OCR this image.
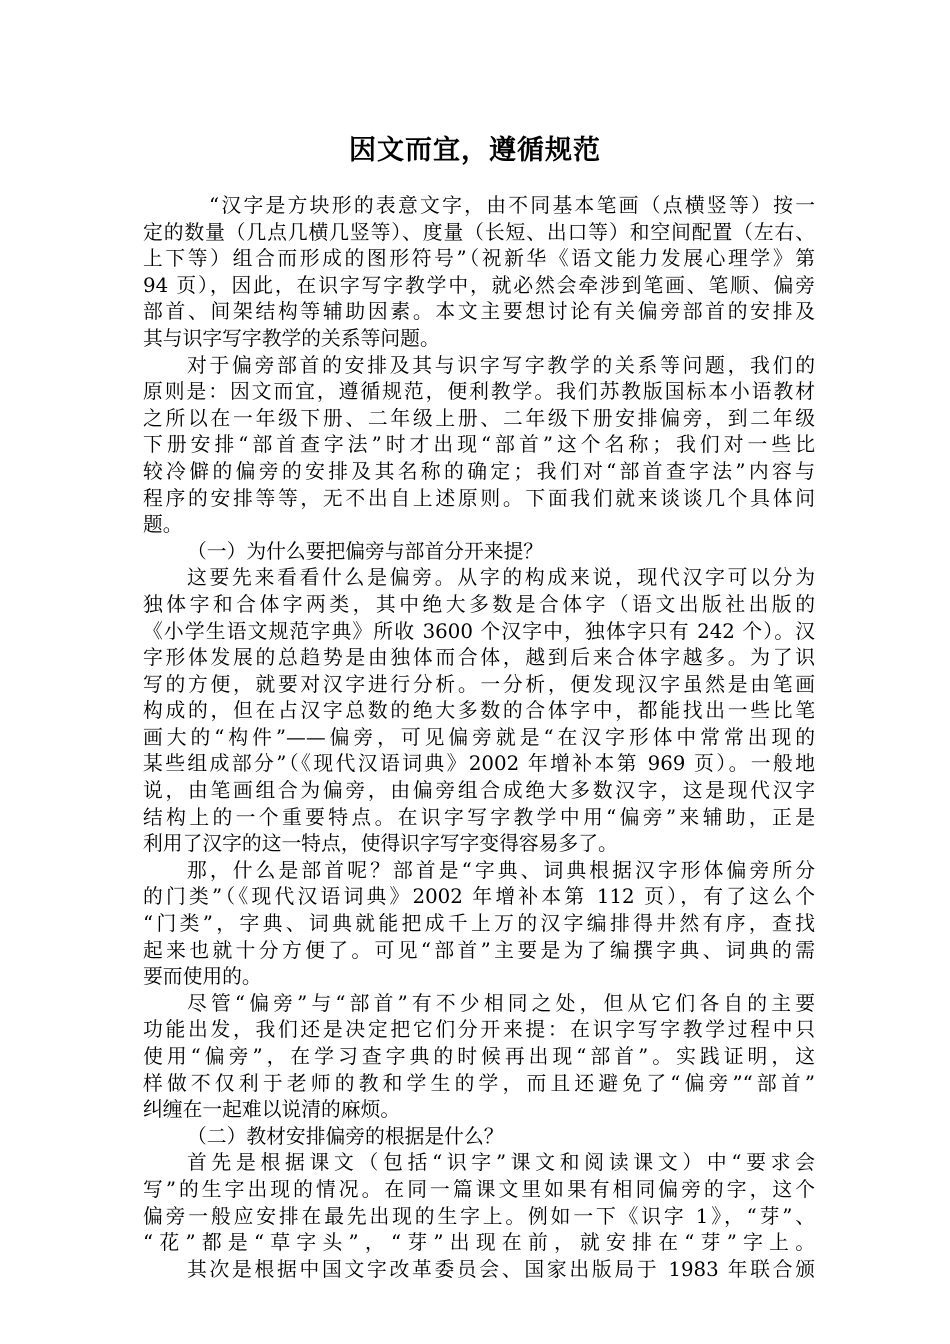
因文而宜，遵循规范
“汉字是方块形的表意文字，由不同基本笔画（点横竖等）按一
定的数量（几点几横几竖等）、度量（长短、出口等）和空间配置（左右、
上下等）组合而形成的图形符号”（祝新华《语文能力发展心理学》第
94 页），因此，在识字写字教学中，就必然会牵涉到笔画、笔顺、偏旁
部首、间架结构等辅助因素。本文主要想讨论有关偏旁部首的安排及
其与识字写字教学的关系等问题。
对于偏旁部首的安排及其与识字写字教学的关系等问题，我们的
原则是：因文而宜，遵循规范，便利教学。我们苏教版国标本小语教材
之所以在一年级下册、二年级上册、二年级下册安排偏旁，到二年级
下册安排“部首查字法”时才出现“部首”这个名称；我们对一些比
较冷僻的偏旁的安排及其名称的确定；我们对“部首查字法”内容与
程序的安排等等，无不出自上述原则。下面我们就来谈谈几个具体问
题。
（一）为什么要把偏旁与部首分开来提？
这要先来看看什么是偏旁。从字的构成来说，现代汉字可以分为
独体字和合体字两类，其中绝大多数是合体字（语文出版社出版的
《小学生语文规范字典》所收 3600 个汉字中，独体字只有 242 个）。汉
字形体发展的总趋势是由独体而合体，越到后来合体字越多。为了识
写的方便，就要对汉字进行分析。一分析，便发现汉字虽然是由笔画
构成的，但在占汉字总数的绝大多数的合体字中，都能找出一些比笔
画大的“构件”——偏旁，可见偏旁就是“在汉字形体中常常出现的
某些组成部分”（《现代汉语词典》2002 年增补本第 969 页）。一般地
说，由笔画组合为偏旁，由偏旁组合成绝大多数汉字，这是现代汉字
结构上的一个重要特点。在识字写字教学中用“偏旁”来辅助，正是
利用了汉字的这一特点，使得识字写字变得容易多了。
那，什么是部首呢？部首是“字典、词典根据汉字形体偏旁所分
的门类”（《现代汉语词典》2002 年增补本第 112 页），有了这么个
“门类”，字典、词典就能把成千上万的汉字编排得井然有序，查找
起来也就十分方便了。可见“部首”主要是为了编撰字典、词典的需
要而使用的。
尽管“偏旁”与“部首”有不少相同之处，但从它们各自的主要
功能出发，我们还是决定把它们分开来提：在识字写字教学过程中只
使用“偏旁”，在学习查字典的时候再出现“部首”。实践证明，这
样做不仅利于老师的教和学生的学，而且还避免了“偏旁”“部首”
纠缠在一起难以说清的麻烦。
（二）教材安排偏旁的根据是什么？
首先是根据课文（包括“识字”课文和阅读课文）中“要求会
写”的生字出现的情况。在同一篇课文里如果有相同偏旁的字，这个
偏旁一般应安排在最先出现的生字上。例如一下《识字 1》，“芽”、
“花”都是“草字头”，“芽”出现在前，就安排在“芽”字上。
其次是根据中国文字改革委员会、国家出版局于 1983 年联合颁
